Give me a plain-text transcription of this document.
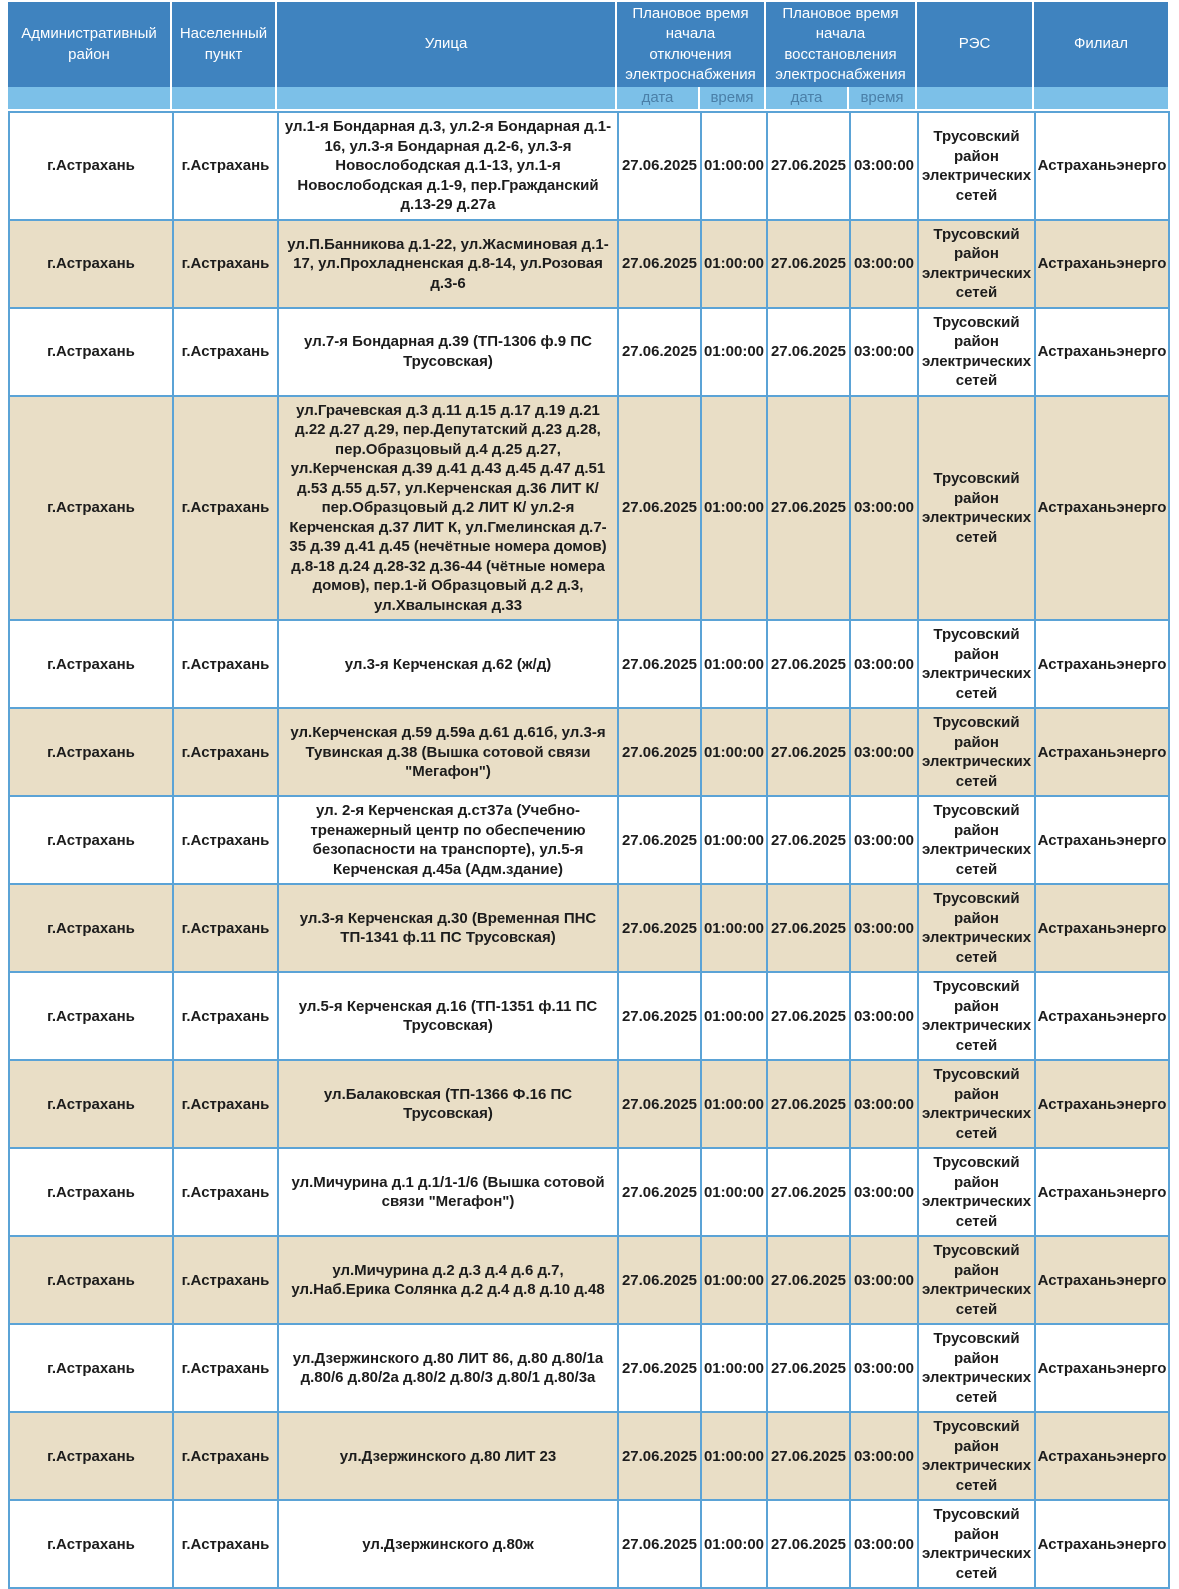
Административный район	Населенный пункт	Улица	Плановое время начала отключения электроснабжения		Плановое время начала восстановления электроснабжения		РЭС	Филиал
			дата	время	дата	время		
г.Астрахань	г.Астрахань	ул.1-я Бондарная д.3, ул.2-я Бондарная д.1-16, ул.3-я Бондарная д.2-6, ул.3-я Новослободская д.1-13, ул.1-я Новослободская д.1-9, пер.Гражданский д.13-29 д.27а	27.06.2025	01:00:00	27.06.2025	03:00:00	Трусовский район электрических сетей	Астраханьэнерго
г.Астрахань	г.Астрахань	ул.П.Банникова д.1-22, ул.Жасминовая д.1-17, ул.Прохладненская д.8-14, ул.Розовая д.3-6	27.06.2025	01:00:00	27.06.2025	03:00:00	Трусовский район электрических сетей	Астраханьэнерго
г.Астрахань	г.Астрахань	ул.7-я Бондарная д.39 (ТП-1306 ф.9 ПС Трусовская)	27.06.2025	01:00:00	27.06.2025	03:00:00	Трусовский район электрических сетей	Астраханьэнерго
г.Астрахань	г.Астрахань	ул.Грачевская д.3 д.11 д.15 д.17 д.19 д.21 д.22 д.27 д.29, пер.Депутатский д.23 д.28, пер.Образцовый д.4 д.25 д.27, ул.Керченская д.39 д.41 д.43 д.45 д.47 д.51 д.53 д.55 д.57, ул.Керченская д.36 ЛИТ К/ пер.Образцовый д.2 ЛИТ К/ ул.2-я Керченская д.37 ЛИТ К, ул.Гмелинская д.7-35 д.39 д.41 д.45 (нечётные номера домов) д.8-18 д.24 д.28-32 д.36-44 (чётные номера домов), пер.1-й Образцовый д.2 д.3, ул.Хвалынская д.33	27.06.2025	01:00:00	27.06.2025	03:00:00	Трусовский район электрических сетей	Астраханьэнерго
г.Астрахань	г.Астрахань	ул.3-я Керченская д.62 (ж/д)	27.06.2025	01:00:00	27.06.2025	03:00:00	Трусовский район электрических сетей	Астраханьэнерго
г.Астрахань	г.Астрахань	ул.Керченская д.59 д.59а д.61 д.61б, ул.3-я Тувинская д.38 (Вышка сотовой связи "Мегафон")	27.06.2025	01:00:00	27.06.2025	03:00:00	Трусовский район электрических сетей	Астраханьэнерго
г.Астрахань	г.Астрахань	ул. 2-я Керченская д.ст37а (Учебно-тренажерный центр по обеспечению безопасности на транспорте), ул.5-я Керченская д.45а (Адм.здание)	27.06.2025	01:00:00	27.06.2025	03:00:00	Трусовский район электрических сетей	Астраханьэнерго
г.Астрахань	г.Астрахань	ул.3-я Керченская д.30 (Временная ПНС ТП-1341 ф.11 ПС Трусовская)	27.06.2025	01:00:00	27.06.2025	03:00:00	Трусовский район электрических сетей	Астраханьэнерго
г.Астрахань	г.Астрахань	ул.5-я Керченская д.16 (ТП-1351 ф.11 ПС Трусовская)	27.06.2025	01:00:00	27.06.2025	03:00:00	Трусовский район электрических сетей	Астраханьэнерго
г.Астрахань	г.Астрахань	ул.Балаковская (ТП-1366 Ф.16 ПС Трусовская)	27.06.2025	01:00:00	27.06.2025	03:00:00	Трусовский район электрических сетей	Астраханьэнерго
г.Астрахань	г.Астрахань	ул.Мичурина д.1 д.1/1-1/6 (Вышка сотовой связи "Мегафон")	27.06.2025	01:00:00	27.06.2025	03:00:00	Трусовский район электрических сетей	Астраханьэнерго
г.Астрахань	г.Астрахань	ул.Мичурина д.2 д.3 д.4 д.6 д.7, ул.Наб.Ерика Солянка д.2 д.4 д.8 д.10 д.48	27.06.2025	01:00:00	27.06.2025	03:00:00	Трусовский район электрических сетей	Астраханьэнерго
г.Астрахань	г.Астрахань	ул.Дзержинского д.80 ЛИТ 86, д.80 д.80/1а д.80/6 д.80/2а д.80/2 д.80/3 д.80/1 д.80/3а	27.06.2025	01:00:00	27.06.2025	03:00:00	Трусовский район электрических сетей	Астраханьэнерго
г.Астрахань	г.Астрахань	ул.Дзержинского д.80 ЛИТ 23	27.06.2025	01:00:00	27.06.2025	03:00:00	Трусовский район электрических сетей	Астраханьэнерго
г.Астрахань	г.Астрахань	ул.Дзержинского д.80ж	27.06.2025	01:00:00	27.06.2025	03:00:00	Трусовский район электрических сетей	Астраханьэнерго
